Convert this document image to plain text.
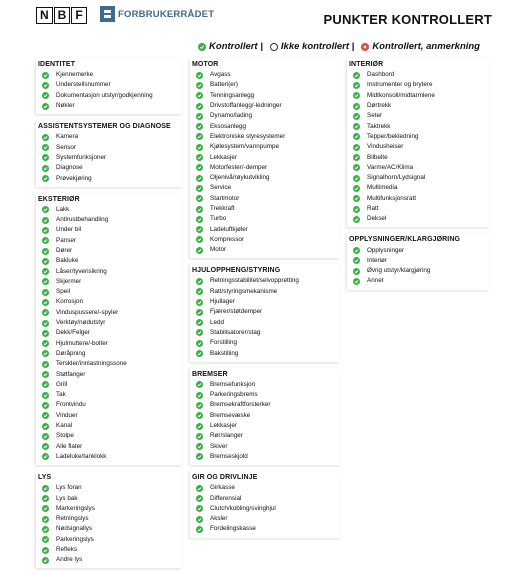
N B F	FORBRUKERRÅDET	PUNKTER KONTROLLERT
Kontrollert | Ikke kontrollert | Kontrollert, anmerkning
IDENTITET
Kjennemerke
Understellsnummer
Dokumentasjon utstyr/godkjenning
Nøkler
ASSISTENTSYSTEMER OG DIAGNOSE
Kamera
Sensor
Systemfunksjoner
Diagnose
Prøvekjøring
EKSTERIØR
Lakk
Antirustbehandling
Under bil
Panser
Dører
Bakluke
Låser/tyverisikring
Skjermer
Speil
Korrosjon
Vinduspussere/-spyler
Verktøy/nødutstyr
Dekk/Felger
Hjulmuttere/-bolter
Døråpning
Terskler/innlastningssone
Støtfanger
Grill
Tak
Frontvindu
Vinduer
Kanal
Stolpe
Alle flater
Ladeluke/tanklokk
LYS
Lys foran
Lys bak
Markeringslys
Retningslys
Nødsignallys
Parkeringslys
Refleks
Andre lys
MOTOR
Avgass
Batteri(er)
Tenningsanlegg
Drivstoffanlegg/-ledninger
Dynamo/lading
Eksosanlegg
Elektroniske styresystemer
Kjølesystem/vannpumpe
Lekkasjer
Motorfester/-demper
Oljenivå/røykutvikling
Service
Startmotor
Trekkraft
Turbo
Ladeluftkjøler
Kompressor
Motor
HJULOPPHENG/STYRING
Retningsstabilitet/selvoppretting
Ratt/styringsmekanisme
Hjullager
Fjærer/støtdemper
Ledd
Stabilisatorer/stag
Forstilling
Bakstilling
BREMSER
Bremsefunksjon
Parkeringsbrems
Bremsekraftforsterker
Bremsevæske
Lekkasjer
Rør/slanger
Skiver
Bremseskjold
GIR OG DRIVLINJE
Girkasse
Differensial
Clutch/kobling/svinghjul
Aksler
Fordelingskasse
INTERIØR
Dashbord
Instrumenter og brytere
Midtkonsoll/midtarmlene
Dørtrekk
Seter
Taktrekk
Tepper/bekledning
Vindusheiser
Bilbelte
Varme/AC/Klima
Signalhorn/Lydsignal
Multimedia
Multifunksjonsratt
Ratt
Deksel
OPPLYSNINGER/KLARGJØRING
Opplysninger
Interiør
Øvrig utstyr/klargjøring
Annet
